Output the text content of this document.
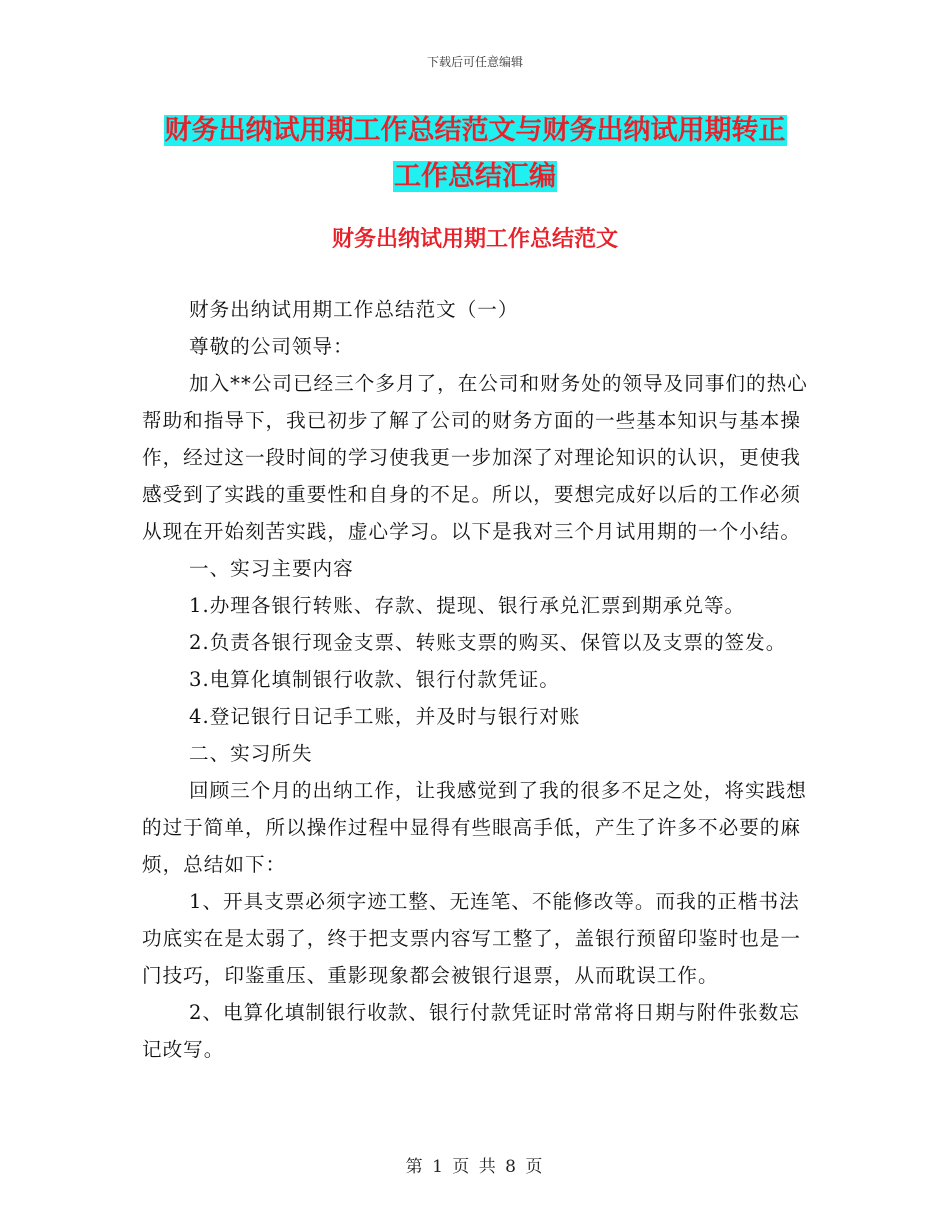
下载后可任意编辑
财务出纳试用期工作总结范文与财务出纳试用期转正
工作总结汇编
财务出纳试用期工作总结范文

财务出纳试用期工作总结范文（一）

尊敬的公司领导：

加入**公司已经三个多月了，在公司和财务处的领导及同事们的热心帮助和指导下，我已初步了解了公司的财务方面的一些基本知识与基本操作，经过这一段时间的学习使我更一步加深了对理论知识的认识，更使我感受到了实践的重要性和自身的不足。所以，要想完成好以后的工作必须从现在开始刻苦实践，虚心学习。以下是我对三个月试用期的一个小结。

一、实习主要内容

1.办理各银行转账、存款、提现、银行承兑汇票到期承兑等。

2.负责各银行现金支票、转账支票的购买、保管以及支票的签发。

3.电算化填制银行收款、银行付款凭证。

4.登记银行日记手工账，并及时与银行对账

二、实习所失

回顾三个月的出纳工作，让我感觉到了我的很多不足之处，将实践想的过于简单，所以操作过程中显得有些眼高手低，产生了许多不必要的麻烦，总结如下：

1、开具支票必须字迹工整、无连笔、不能修改等。而我的正楷书法功底实在是太弱了，终于把支票内容写工整了，盖银行预留印鉴时也是一门技巧，印鉴重压、重影现象都会被银行退票，从而耽误工作。

2、电算化填制银行收款、银行付款凭证时常常将日期与附件张数忘记改写。

第 1 页 共 8 页
